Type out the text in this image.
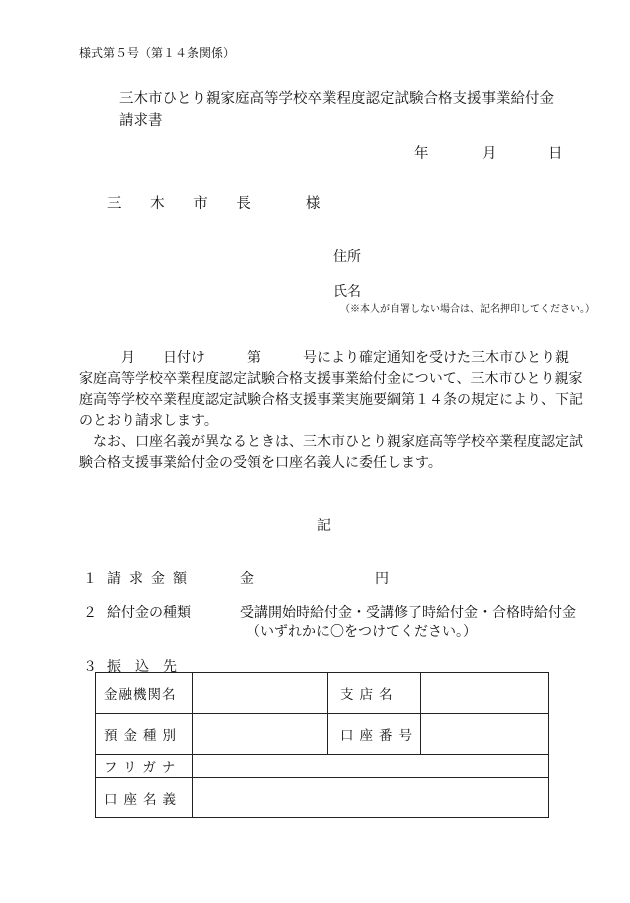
様式第５号（第１４条関係）
三木市ひとり親家庭高等学校卒業程度認定試験合格支援事業給付金
請求書
年	月	日
三 木 市 長　 様
住所
氏名
（※本人が自署しない場合は、記名押印してください。）

　　　月　　日付け　　　第　　　号により確定通知を受けた三木市ひとり親

家庭高等学校卒業程度認定試験合格支援事業給付金について、三木市ひとり親家

庭高等学校卒業程度認定試験合格支援事業実施要綱第１４条の規定により、下記

のとおり請求します。

　なお、口座名義が異なるときは、三木市ひとり親家庭高等学校卒業程度認定試

験合格支援事業給付金の受領を口座名義人に委任します。

記
１ 請求金額	金	円
２ 給付金の種類	受講開始時給付金・受講修了時給付金・合格時給付金
（いずれかに〇をつけてください。）
３ 振込先
金融機関名		支店名	
預金種別		口座番号	
フリガナ			
口座名義			
